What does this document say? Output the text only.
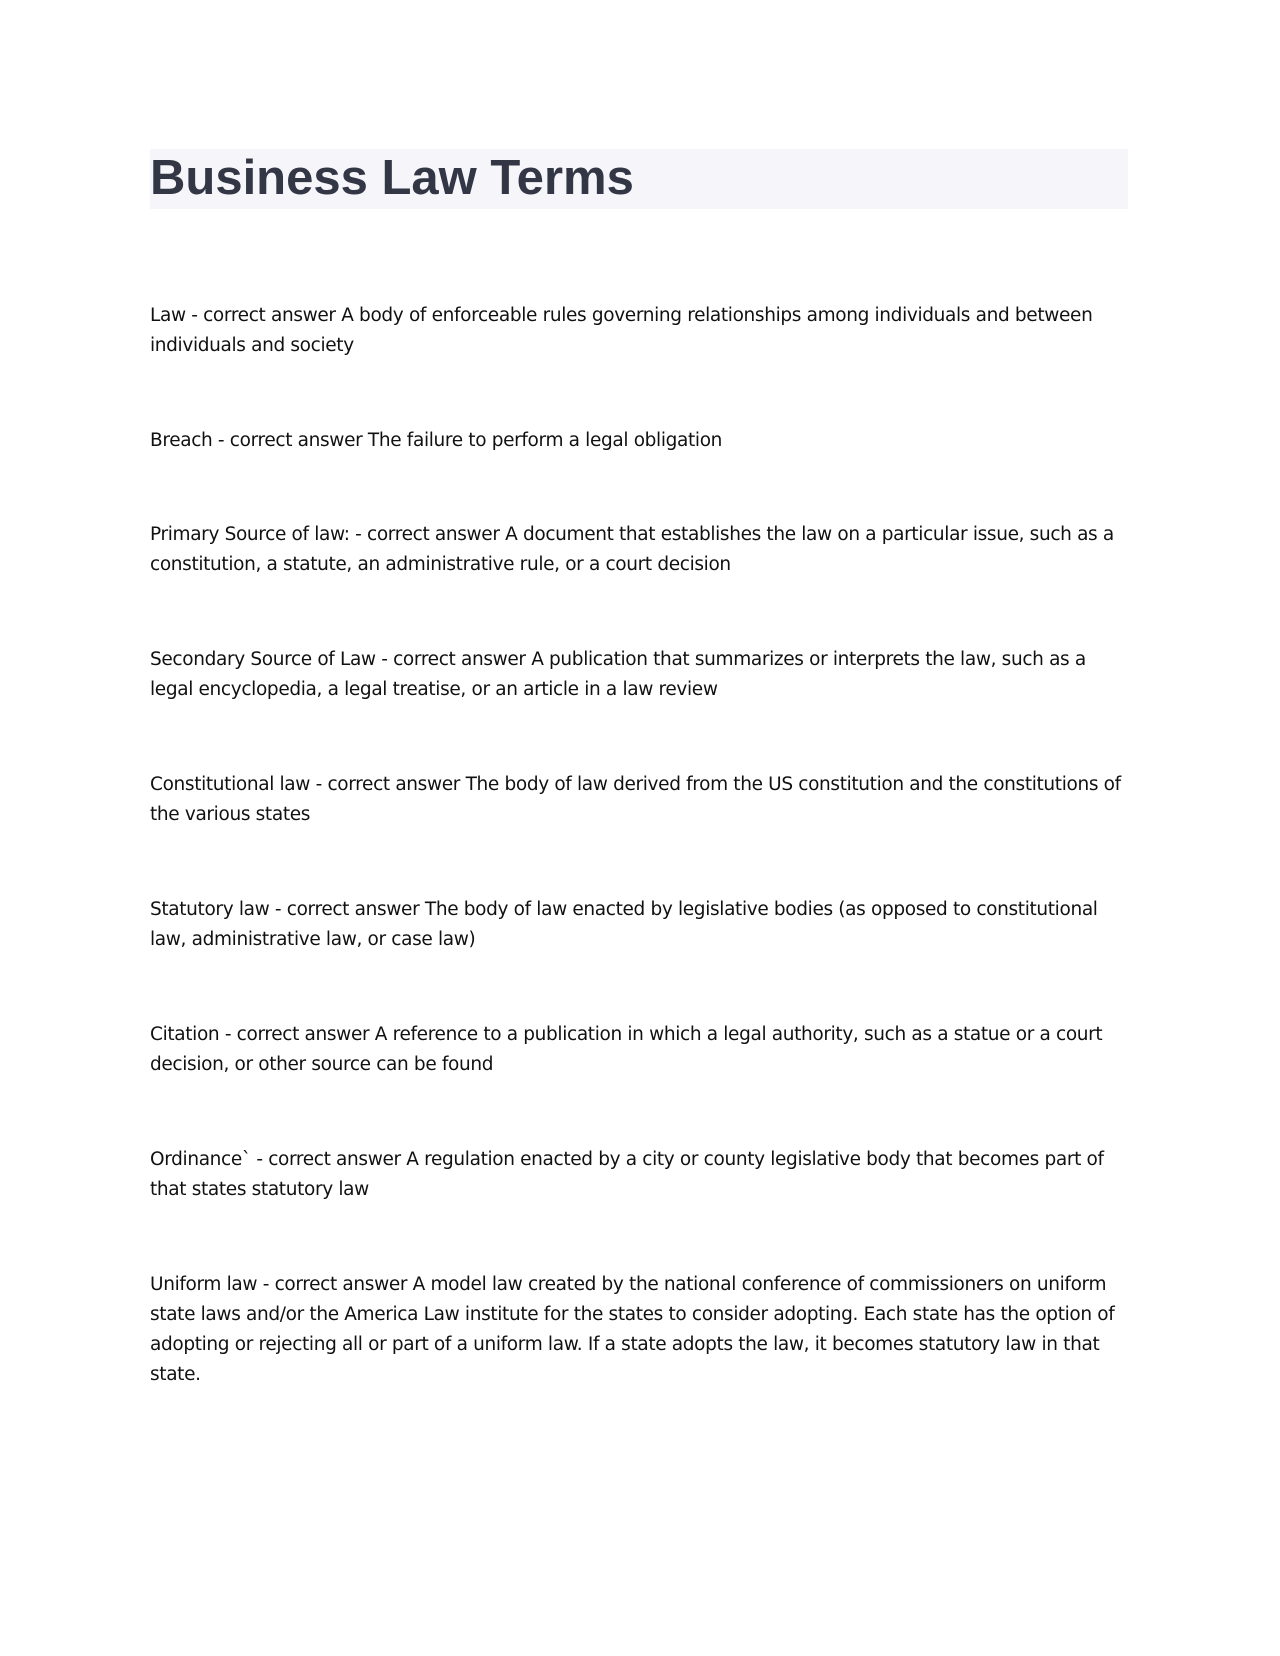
Business Law Terms

Law - correct answer A body of enforceable rules governing relationships among individuals and between individuals and society

Breach - correct answer The failure to perform a legal obligation

Primary Source of law: - correct answer A document that establishes the law on a particular issue, such as a constitution, a statute, an administrative rule, or a court decision

Secondary Source of Law - correct answer A publication that summarizes or interprets the law, such as a legal encyclopedia, a legal treatise, or an article in a law review

Constitutional law - correct answer The body of law derived from the US constitution and the constitutions of the various states

Statutory law - correct answer The body of law enacted by legislative bodies (as opposed to constitutional law, administrative law, or case law)

Citation - correct answer A reference to a publication in which a legal authority, such as a statue or a court decision, or other source can be found

Ordinance` - correct answer A regulation enacted by a city or county legislative body that becomes part of that states statutory law

Uniform law - correct answer A model law created by the national conference of commissioners on uniform state laws and/or the America Law institute for the states to consider adopting. Each state has the option of adopting or rejecting all or part of a uniform law. If a state adopts the law, it becomes statutory law in that state.
